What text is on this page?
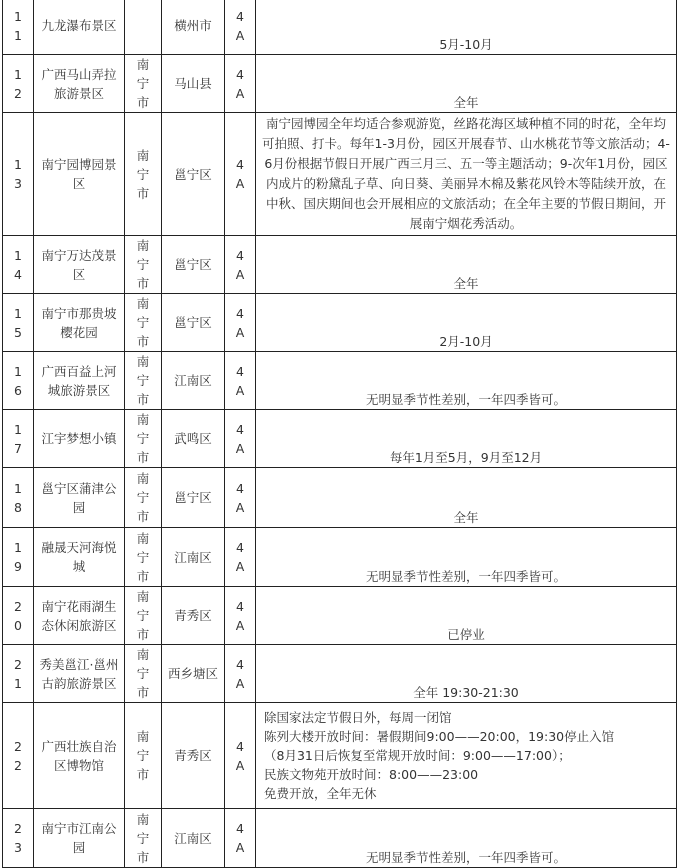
11	九龙瀑布景区		横州市	4A	5月-10月

12	广西马山弄拉旅游景区	南宁市	马山县	4A	全年

13	南宁园博园景区	南宁市	邕宁区	4A	南宁园博园全年均适合参观游览，丝路花海区域种植不同的时花，全年均可拍照、打卡。每年1-3月份，园区开展春节、山水桃花节等文旅活动；4-6月份根据节假日开展广西三月三、五一等主题活动；9-次年1月份，园区内成片的粉黛乱子草、向日葵、美丽异木棉及紫花风铃木等陆续开放，在中秋、国庆期间也会开展相应的文旅活动；在全年主要的节假日期间，开展南宁烟花秀活动。

14	南宁万达茂景区	南宁市	邕宁区	4A	全年

15	南宁市那贵坡樱花园	南宁市	邕宁区	4A	2月-10月

16	广西百益上河城旅游景区	南宁市	江南区	4A	无明显季节性差别，一年四季皆可。

17	江宇梦想小镇	南宁市	武鸣区	4A	每年1月至5月，9月至12月

18	邕宁区蒲津公园	南宁市	邕宁区	4A	全年

19	融晟天河海悦城	南宁市	江南区	4A	无明显季节性差别，一年四季皆可。

20	南宁花雨湖生态休闲旅游区	南宁市	青秀区	4A	已停业

21	秀美邕江·邕州古韵旅游景区	南宁市	西乡塘区	4A	全年 19:30-21:30

22	广西壮族自治区博物馆	南宁市	青秀区	4A	除国家法定节假日外，每周一闭馆
陈列大楼开放时间：暑假期间9:00——20:00，19:30停止入馆
（8月31日后恢复至常规开放时间：9:00——17:00）；
民族文物苑开放时间：8:00——23:00
免费开放，全年无休

23	南宁市江南公园	南宁市	江南区	4A	无明显季节性差别，一年四季皆可。
